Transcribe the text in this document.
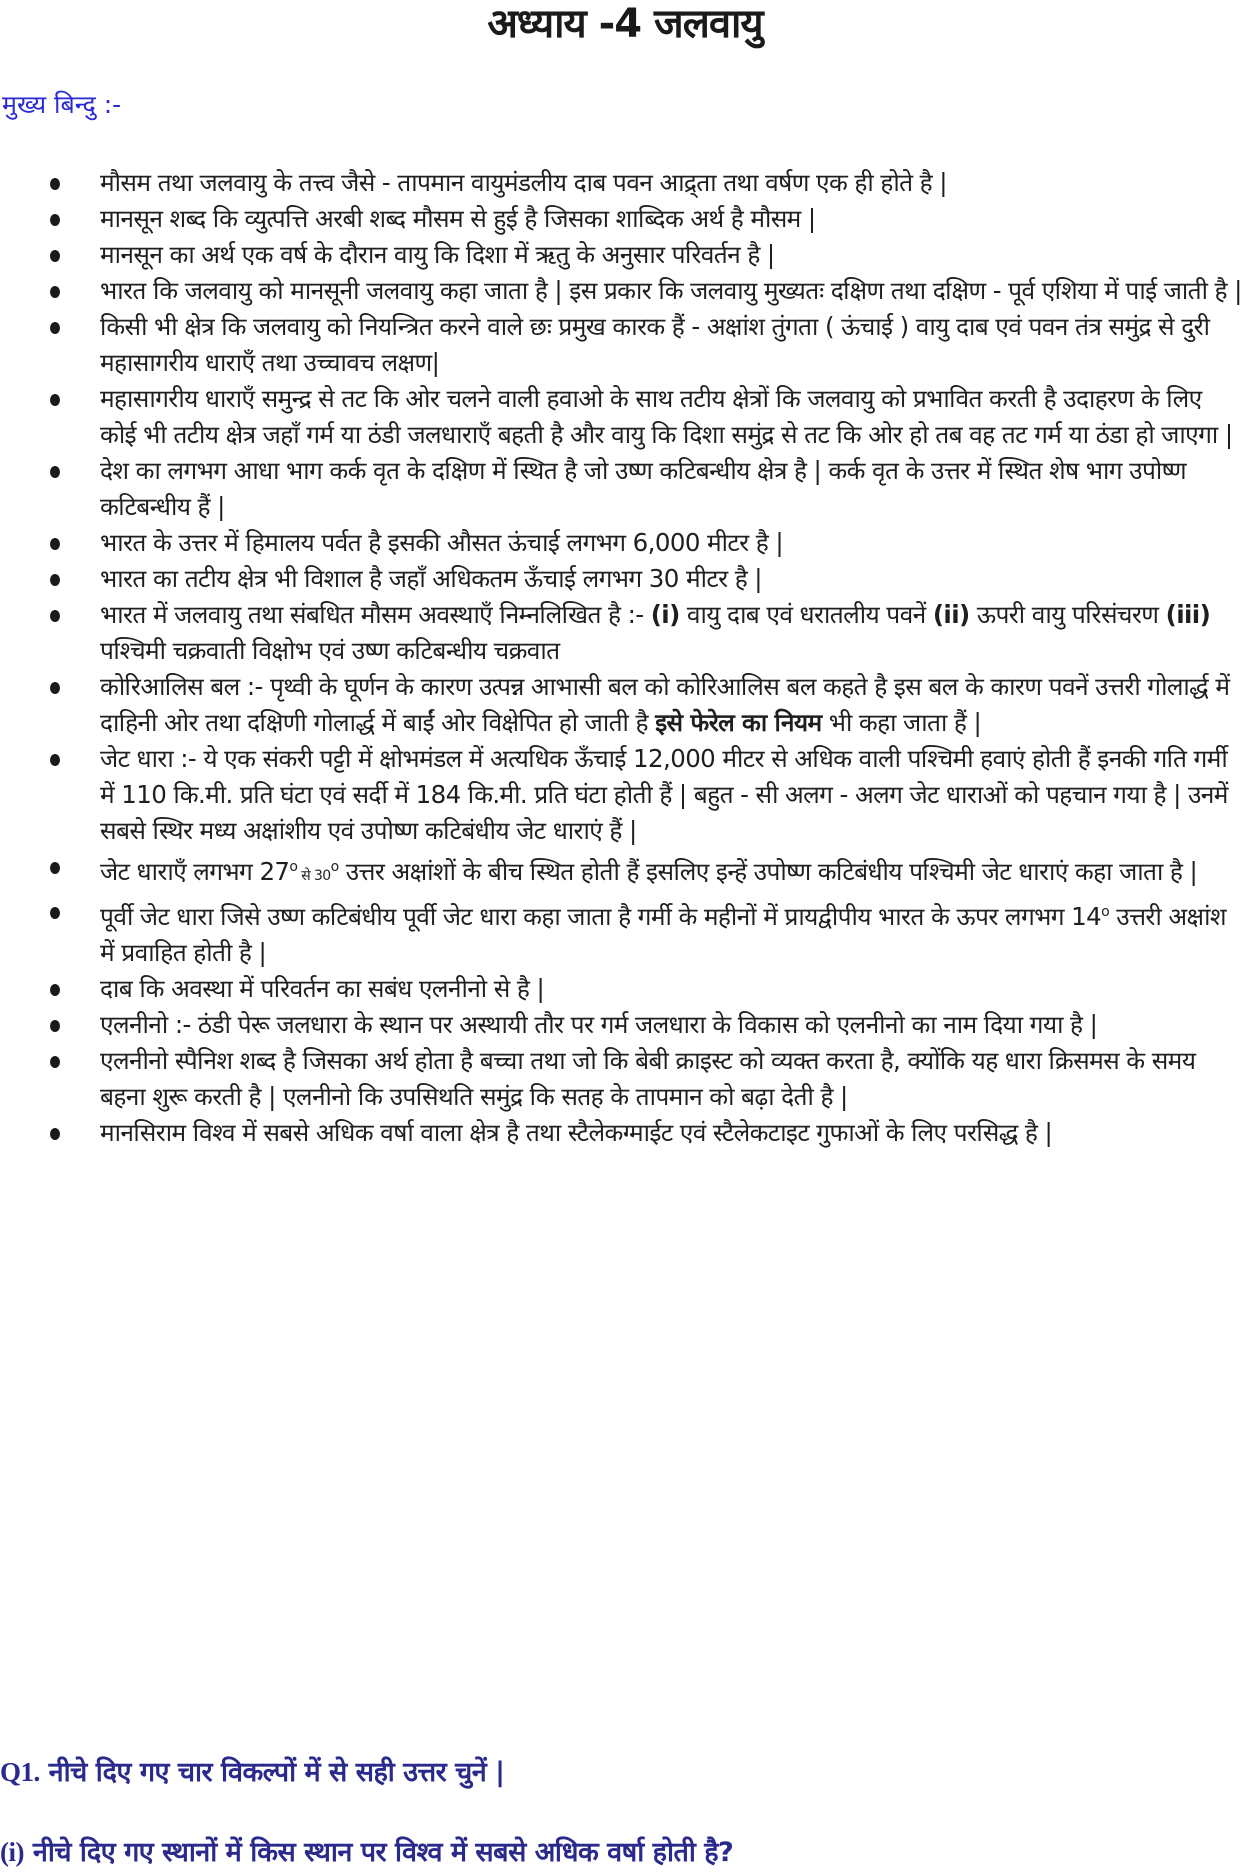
अध्याय -4 जलवायु
मुख्य बिन्दु :-
मौसम तथा जलवायु के तत्त्व जैसे - तापमान वायुमंडलीय दाब पवन आद्र्ता तथा वर्षण एक ही होते है |
मानसून शब्द कि व्युत्पत्ति अरबी शब्द मौसम से हुई है जिसका शाब्दिक अर्थ है मौसम |
मानसून का अर्थ एक वर्ष के दौरान वायु कि दिशा में ऋतु के अनुसार परिवर्तन है |
भारत कि जलवायु को मानसूनी जलवायु कहा जाता है | इस प्रकार कि जलवायु मुख्यतः दक्षिण तथा दक्षिण - पूर्व एशिया में पाई जाती है |
किसी भी क्षेत्र कि जलवायु को नियन्त्रित करने वाले छः प्रमुख कारक हैं - अक्षांश तुंगता ( ऊंचाई ) वायु दाब एवं पवन तंत्र समुंद्र से दुरी महासागरीय धाराएँ तथा उच्चावच लक्षण|
महासागरीय धाराएँ समुन्द्र से तट कि ओर चलने वाली हवाओ के साथ तटीय क्षेत्रों कि जलवायु को प्रभावित करती है उदाहरण के लिए कोई भी तटीय क्षेत्र जहाँ गर्म या ठंडी जलधाराएँ बहती है और वायु कि दिशा समुंद्र से तट कि ओर हो तब वह तट गर्म या ठंडा हो जाएगा |
देश का लगभग आधा भाग कर्क वृत के दक्षिण में स्थित है जो उष्ण कटिबन्धीय क्षेत्र है | कर्क वृत के उत्तर में स्थित शेष भाग उपोष्ण कटिबन्धीय हैं |
भारत के उत्तर में हिमालय पर्वत है इसकी औसत ऊंचाई लगभग 6,000 मीटर है |
भारत का तटीय क्षेत्र भी विशाल है जहाँ अधिकतम ऊँचाई लगभग 30 मीटर है |
भारत में जलवायु तथा संबधित मौसम अवस्थाएँ निम्नलिखित है :- (i) वायु दाब एवं धरातलीय पवनें (ii) ऊपरी वायु परिसंचरण (iii) पश्चिमी चक्रवाती विक्षोभ एवं उष्ण कटिबन्धीय चक्रवात
कोरिआलिस बल :- पृथ्वी के घूर्णन के कारण उत्पन्न आभासी बल को कोरिआलिस बल कहते है इस बल के कारण पवनें उत्तरी गोलार्द्ध में दाहिनी ओर तथा दक्षिणी गोलार्द्ध में बाईं ओर विक्षेपित हो जाती है इसे फेरेल का नियम भी कहा जाता हैं |
जेट धारा :- ये एक संकरी पट्टी में क्षोभमंडल में अत्यधिक ऊँचाई 12,000 मीटर से अधिक वाली पश्चिमी हवाएं होती हैं इनकी गति गर्मी में 110 कि.मी. प्रति घंटा एवं सर्दी में 184 कि.मी. प्रति घंटा होती हैं | बहुत - सी अलग - अलग जेट धाराओं को पहचान गया है | उनमें सबसे स्थिर मध्य अक्षांशीय एवं उपोष्ण कटिबंधीय जेट धाराएं हैं |
जेट धाराएँ लगभग 27$^o$ से 30$^o$ उत्तर अक्षांशों के बीच स्थित होती हैं इसलिए इन्हें उपोष्ण कटिबंधीय पश्चिमी जेट धाराएं कहा जाता है |
पूर्वी जेट धारा जिसे उष्ण कटिबंधीय पूर्वी जेट धारा कहा जाता है गर्मी के महीनों में प्रायद्वीपीय भारत के ऊपर लगभग 14$^o$ उत्तरी अक्षांश में प्रवाहित होती है |
दाब कि अवस्था में परिवर्तन का सबंध एलनीनो से है |
एलनीनो :- ठंडी पेरू जलधारा के स्थान पर अस्थायी तौर पर गर्म जलधारा के विकास को एलनीनो का नाम दिया गया है |
एलनीनो स्पैनिश शब्द है जिसका अर्थ होता है बच्चा तथा जो कि बेबी क्राइस्ट को व्यक्त करता है, क्योंकि यह धारा क्रिसमस के समय बहना शुरू करती है | एलनीनो कि उपसिथति समुंद्र कि सतह के तापमान को बढ़ा देती है |
मानसिराम विश्व में सबसे अधिक वर्षा वाला क्षेत्र है तथा स्टैलेकग्माईट एवं स्टैलेकटाइट गुफाओं के लिए परसिद्ध है |
Q1. नीचे दिए गए चार विकल्पों में से सही उत्तर चुनें |
(i) नीचे दिए गए स्थानों में किस स्थान पर विश्व में सबसे अधिक वर्षा होती है?
